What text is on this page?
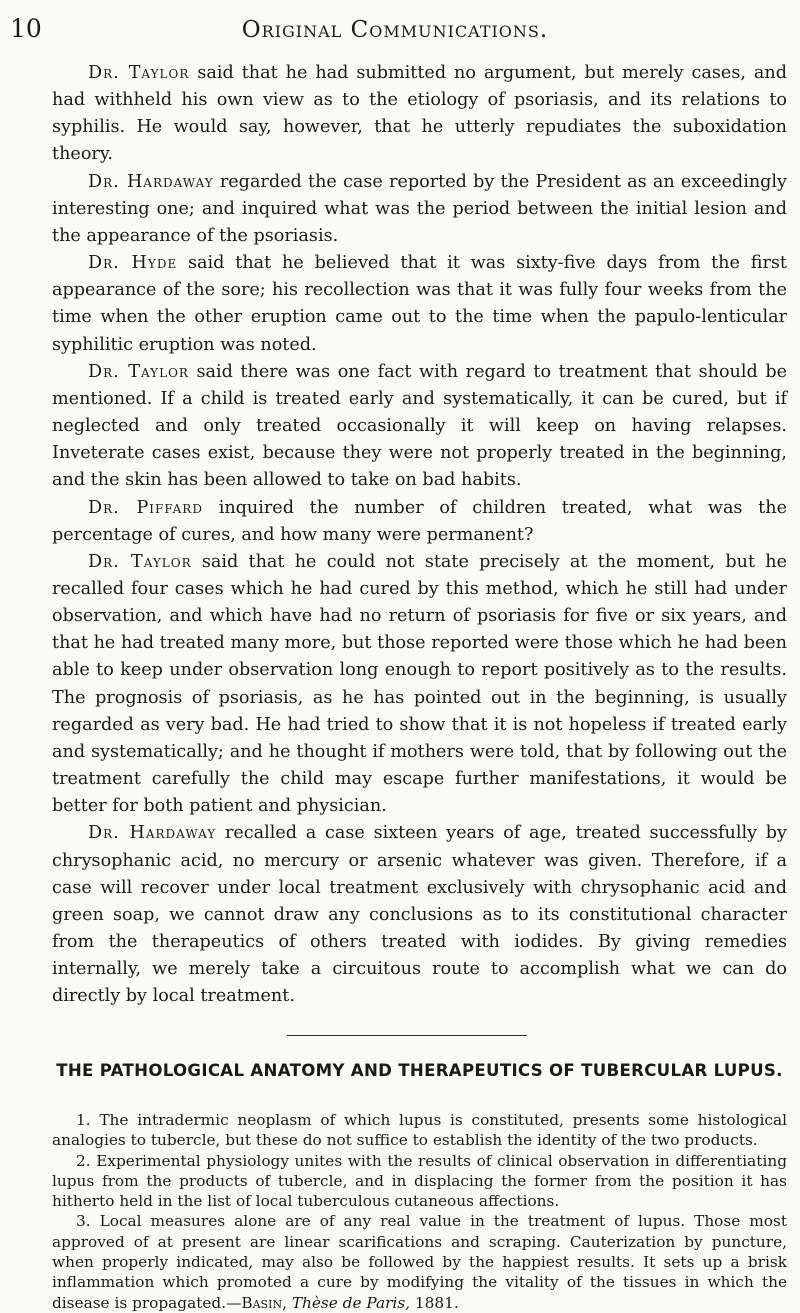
10	Original Communications.

Dr. Taylor said that he had submitted no argument, but merely cases, and had withheld his own view as to the etiology of psoriasis, and its relations to syphilis. He would say, however, that he utterly repudiates the suboxidation theory.

Dr. Hardaway regarded the case reported by the President as an exceedingly interesting one; and inquired what was the period between the initial lesion and the appearance of the psoriasis.

Dr. Hyde said that he believed that it was sixty-five days from the first appearance of the sore; his recollection was that it was fully four weeks from the time when the other eruption came out to the time when the papulo-lenticular syphilitic eruption was noted.

Dr. Taylor said there was one fact with regard to treatment that should be mentioned. If a child is treated early and systematically, it can be cured, but if neglected and only treated occasionally it will keep on having relapses. Inveterate cases exist, because they were not properly treated in the beginning, and the skin has been allowed to take on bad habits.

Dr. Piffard inquired the number of children treated, what was the percentage of cures, and how many were permanent?

Dr. Taylor said that he could not state precisely at the moment, but he recalled four cases which he had cured by this method, which he still had under observation, and which have had no return of psoriasis for five or six years, and that he had treated many more, but those reported were those which he had been able to keep under observation long enough to report positively as to the results. The prognosis of psoriasis, as he has pointed out in the beginning, is usually regarded as very bad. He had tried to show that it is not hopeless if treated early and systematically; and he thought if mothers were told, that by following out the treatment carefully the child may escape further manifestations, it would be better for both patient and physician.

Dr. Hardaway recalled a case sixteen years of age, treated successfully by chrysophanic acid, no mercury or arsenic whatever was given. Therefore, if a case will recover under local treatment exclusively with chrysophanic acid and green soap, we cannot draw any conclusions as to its constitutional character from the therapeutics of others treated with iodides. By giving remedies internally, we merely take a circuitous route to accomplish what we can do directly by local treatment.

THE PATHOLOGICAL ANATOMY AND THERAPEUTICS OF TUBERCULAR LUPUS.

1. The intradermic neoplasm of which lupus is constituted, presents some histological analogies to tubercle, but these do not suffice to establish the identity of the two products.

2. Experimental physiology unites with the results of clinical observation in differentiating lupus from the products of tubercle, and in displacing the former from the position it has hitherto held in the list of local tuberculous cutaneous affections.

3. Local measures alone are of any real value in the treatment of lupus. Those most approved of at present are linear scarifications and scraping. Cauterization by puncture, when properly indicated, may also be followed by the happiest results. It sets up a brisk inflammation which promoted a cure by modifying the vitality of the tissues in which the disease is propagated.—Basin, Thèse de Paris, 1881.
